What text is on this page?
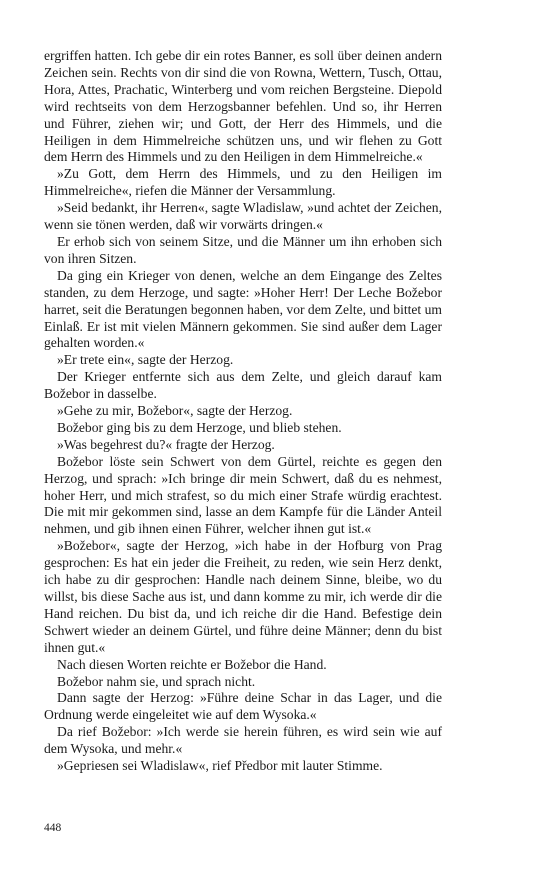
ergriffen hatten. Ich gebe dir ein rotes Banner, es soll über deinen andern Zeichen sein. Rechts von dir sind die von Rowna, Wettern, Tusch, Ottau, Hora, Attes, Prachatic, Winterberg und vom reichen Bergsteine. Diepold wird rechtseits von dem Herzogsbanner befehlen. Und so, ihr Herren und Führer, ziehen wir; und Gott, der Herr des Himmels, und die Heiligen in dem Himmelreiche schützen uns, und wir flehen zu Gott dem Herrn des Himmels und zu den Heiligen in dem Himmelreiche.«

»Zu Gott, dem Herrn des Himmels, und zu den Heiligen im Himmelreiche«, riefen die Männer der Versammlung.

»Seid bedankt, ihr Herren«, sagte Wladislaw, »und achtet der Zeichen, wenn sie tönen werden, daß wir vorwärts dringen.«

Er erhob sich von seinem Sitze, und die Männer um ihn erhoben sich von ihren Sitzen.

Da ging ein Krieger von denen, welche an dem Eingange des Zeltes standen, zu dem Herzoge, und sagte: »Hoher Herr! Der Leche Božebor harret, seit die Beratungen begonnen haben, vor dem Zelte, und bittet um Einlaß. Er ist mit vielen Männern gekommen. Sie sind außer dem Lager gehalten worden.«

»Er trete ein«, sagte der Herzog.

Der Krieger entfernte sich aus dem Zelte, und gleich darauf kam Božebor in dasselbe.

»Gehe zu mir, Božebor«, sagte der Herzog.

Božebor ging bis zu dem Herzoge, und blieb stehen.

»Was begehrest du?« fragte der Herzog.

Božebor löste sein Schwert von dem Gürtel, reichte es gegen den Herzog, und sprach: »Ich bringe dir mein Schwert, daß du es nehmest, hoher Herr, und mich strafest, so du mich einer Strafe würdig erachtest. Die mit mir gekommen sind, lasse an dem Kampfe für die Länder Anteil nehmen, und gib ihnen einen Führer, welcher ihnen gut ist.«

»Božebor«, sagte der Herzog, »ich habe in der Hofburg von Prag gesprochen: Es hat ein jeder die Freiheit, zu reden, wie sein Herz denkt, ich habe zu dir gesprochen: Handle nach deinem Sinne, bleibe, wo du willst, bis diese Sache aus ist, und dann komme zu mir, ich werde dir die Hand reichen. Du bist da, und ich reiche dir die Hand. Befestige dein Schwert wieder an deinem Gürtel, und führe deine Männer; denn du bist ihnen gut.«

Nach diesen Worten reichte er Božebor die Hand.

Božebor nahm sie, und sprach nicht.

Dann sagte der Herzog: »Führe deine Schar in das Lager, und die Ordnung werde eingeleitet wie auf dem Wysoka.«

Da rief Božebor: »Ich werde sie herein führen, es wird sein wie auf dem Wysoka, und mehr.«

»Gepriesen sei Wladislaw«, rief Předbor mit lauter Stimme.

448
